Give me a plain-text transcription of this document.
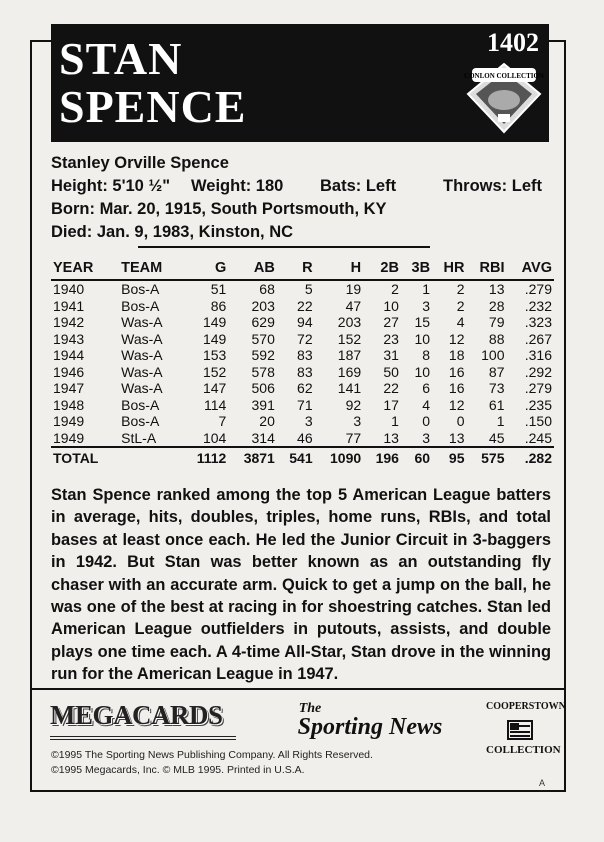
STAN
SPENCE
1402
CONLON COLLECTION
Stanley Orville Spence
Height: 5'10 ½" Weight: 180 Bats: Left	Throws: Left
Born: Mar. 20, 1915, South Portsmouth, KY
Died: Jan. 9, 1983, Kinston, NC
YEAR	TEAM	G	AB	R	H	2B	3B	HR	RBI	AVG
1940	Bos-A	51	68	5	19	2	1	2	13	.279
1941	Bos-A	86	203	22	47	10	3	2	28	.232
1942	Was-A	149	629	94	203	27	15	4	79	.323
1943	Was-A	149	570	72	152	23	10	12	88	.267
1944	Was-A	153	592	83	187	31	8	18	100	.316
1946	Was-A	152	578	83	169	50	10	16	87	.292
1947	Was-A	147	506	62	141	22	6	16	73	.279
1948	Bos-A	114	391	71	92	17	4	12	61	.235
1949	Bos-A	7	20	3	3	1	0	0	1	.150
1949	StL-A	104	314	46	77	13	3	13	45	.245
TOTAL		1112	3871	541	1090	196	60	95	575	.282
Stan Spence ranked among the top 5 American League batters in average, hits, doubles, triples, home runs, RBIs, and total bases at least once each. He led the Junior Circuit in 3-baggers in 1942. But Stan was better known as an outstanding fly chaser with an accurate arm. Quick to get a jump on the ball, he was one of the best at racing in for shoestring catches. Stan led American League outfielders in putouts, assists, and double plays one time each. A 4-time All-Star, Stan drove in the winning run for the American League in 1947.
MEGACARDS	The
Sporting News
COOPERSTOWN
COLLECTION
©1995 The Sporting News Publishing Company. All Rights Reserved.
©1995 Megacards, Inc. © MLB 1995. Printed in U.S.A.
A
